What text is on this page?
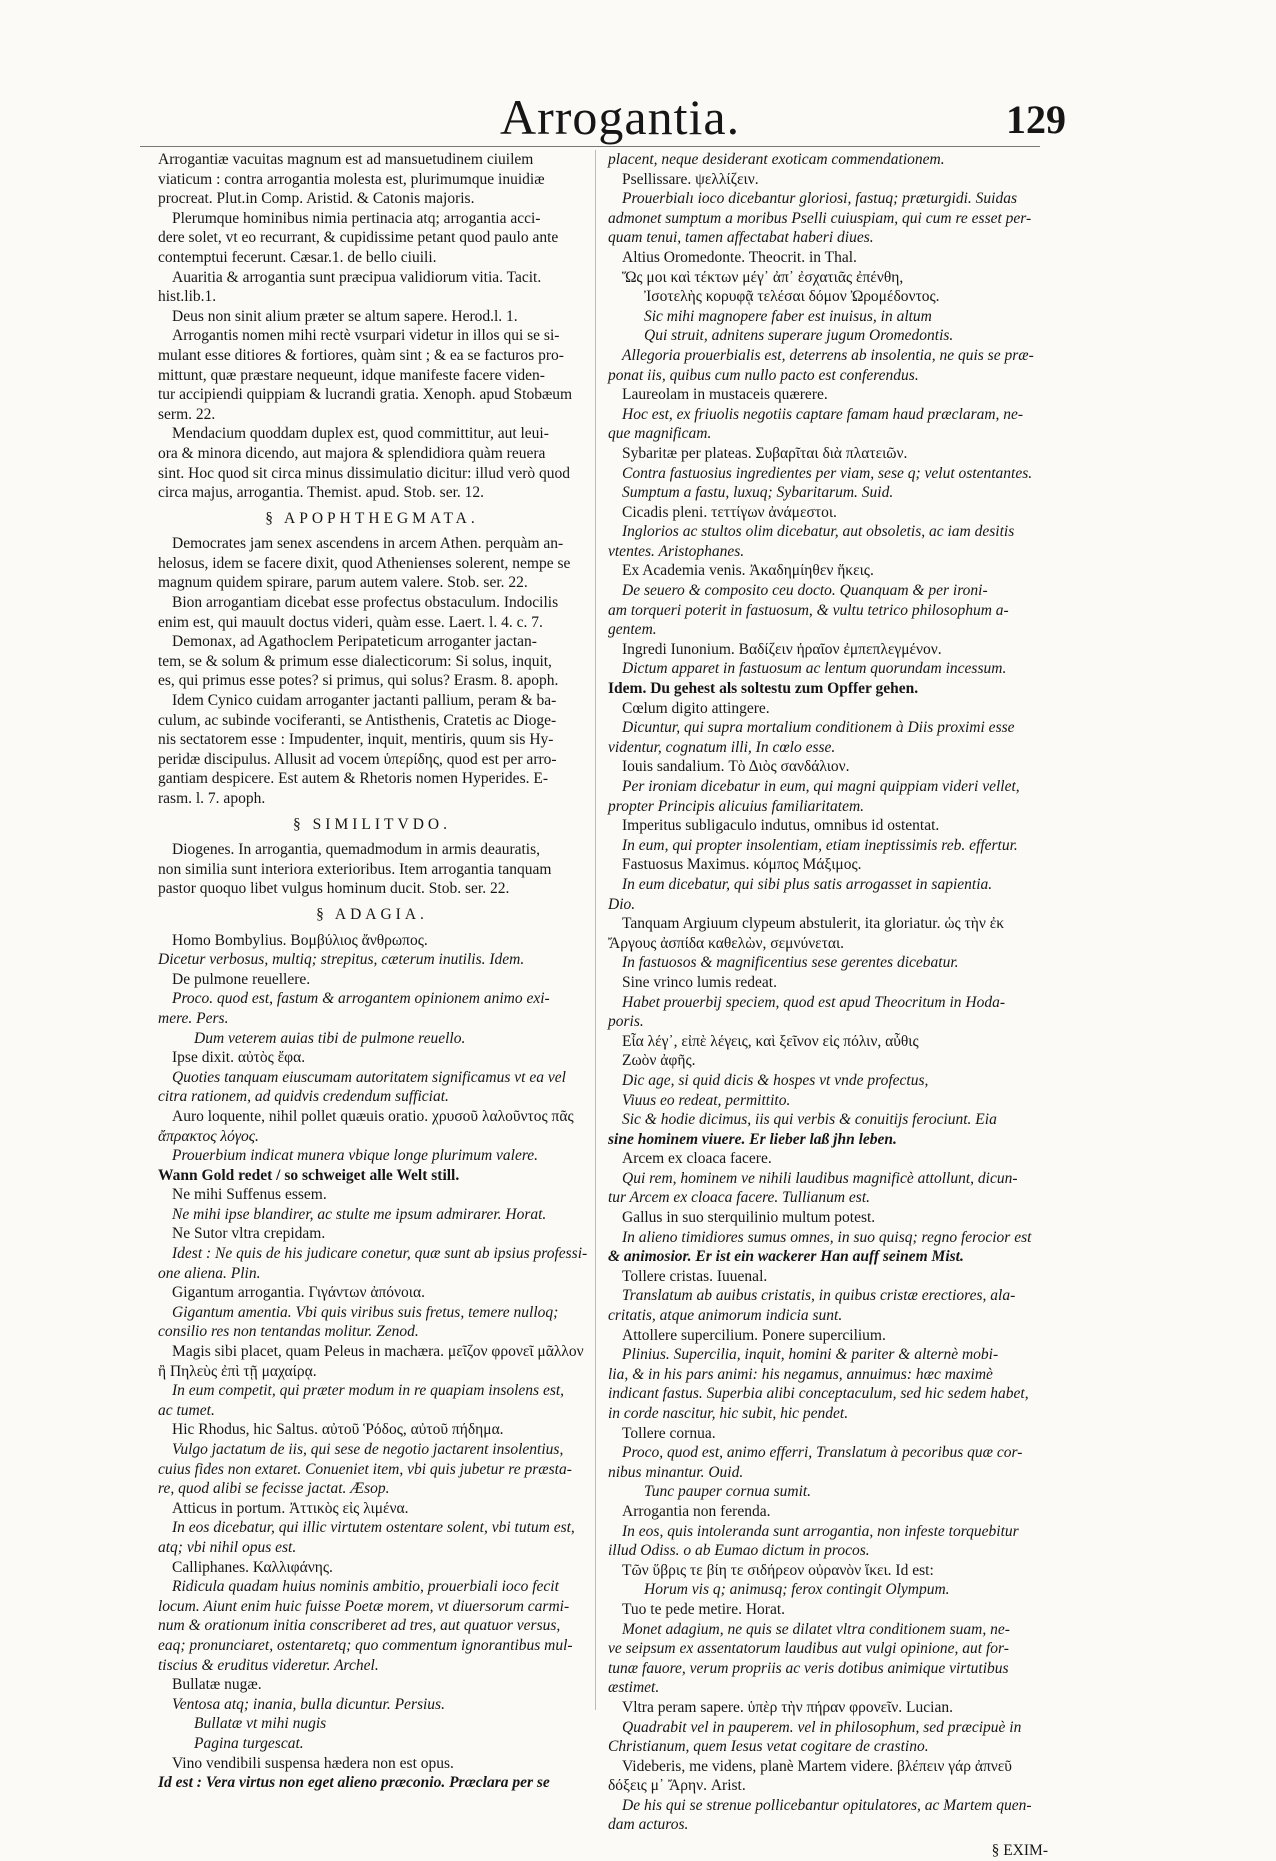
Arrogantia.	129
Arrogantiæ vacuitas magnum est ad mansuetudinem ciuilem
viaticum : contra arrogantia molesta est, plurimumque inuidiæ
procreat. Plut.in Comp. Aristid. & Catonis majoris.
Plerumque hominibus nimia pertinacia atq; arrogantia acci-
dere solet, vt eo recurrant, & cupidissime petant quod paulo ante
contemptui fecerunt. Cæsar.1. de bello ciuili.
Auaritia & arrogantia sunt præcipua validiorum vitia. Tacit.
hist.lib.1.
Deus non sinit alium præter se altum sapere. Herod.l. 1.
Arrogantis nomen mihi rectè vsurpari videtur in illos qui se si-
mulant esse ditiores & fortiores, quàm sint ; & ea se facturos pro-
mittunt, quæ præstare nequeunt, idque manifeste facere viden-
tur accipiendi quippiam & lucrandi gratia. Xenoph. apud Stobæum
serm. 22.
Mendacium quoddam duplex est, quod committitur, aut leui-
ora & minora dicendo, aut majora & splendidiora quàm reuera
sint. Hoc quod sit circa minus dissimulatio dicitur: illud verò quod
circa majus, arrogantia. Themist. apud. Stob. ser. 12.
§ APOPHTHEGMATA.
Democrates jam senex ascendens in arcem Athen. perquàm an-
helosus, idem se facere dixit, quod Athenienses solerent, nempe se
magnum quidem spirare, parum autem valere. Stob. ser. 22.
Bion arrogantiam dicebat esse profectus obstaculum. Indocilis
enim est, qui mauult doctus videri, quàm esse. Laert. l. 4. c. 7.
Demonax, ad Agathoclem Peripateticum arroganter jactan-
tem, se & solum & primum esse dialecticorum: Si solus, inquit,
es, qui primus esse potes? si primus, qui solus? Erasm. 8. apoph.
Idem Cynico cuidam arroganter jactanti pallium, peram & ba-
culum, ac subinde vociferanti, se Antisthenis, Cratetis ac Dioge-
nis sectatorem esse : Impudenter, inquit, mentiris, quum sis Hy-
peridæ discipulus. Allusit ad vocem ὑπερίδης, quod est per arro-
gantiam despicere. Est autem & Rhetoris nomen Hyperides. E-
rasm. l. 7. apoph.
§ SIMILITVDO.
Diogenes. In arrogantia, quemadmodum in armis deauratis,
non similia sunt interiora exterioribus. Item arrogantia tanquam
pastor quoquo libet vulgus hominum ducit. Stob. ser. 22.
§ ADAGIA.
Homo Bombylius. Βομβύλιος ἄνθρωπος.
Dicetur verbosus, multiq; strepitus, cæterum inutilis. Idem.
De pulmone reuellere.
Proco. quod est, fastum & arrogantem opinionem animo exi-
mere. Pers.
Dum veterem auias tibi de pulmone reuello.
Ipse dixit. αὐτὸς ἔφα.
Quoties tanquam eiuscumam autoritatem significamus vt ea vel
citra rationem, ad quidvis credendum sufficiat.
Auro loquente, nihil pollet quæuis oratio. χρυσοῦ λαλοῦντος πᾶς
ἄπρακτος λόγος.
Prouerbium indicat munera vbique longe plurimum valere.
Wann Gold redet / so schweiget alle Welt still.
Ne mihi Suffenus essem.
Ne mihi ipse blandirer, ac stulte me ipsum admirarer. Horat.
Ne Sutor vltra crepidam.
Idest : Ne quis de his judicare conetur, quæ sunt ab ipsius professi-
one aliena. Plin.
Gigantum arrogantia. Γιγάντων ἀπόνοια.
Gigantum amentia. Vbi quis viribus suis fretus, temere nulloq;
consilio res non tentandas molitur. Zenod.
Magis sibi placet, quam Peleus in machæra. μεῖζον φρονεῖ μᾶλλον
ἢ Πηλεὺς ἐπὶ τῇ μαχαίρᾳ.
In eum competit, qui præter modum in re quapiam insolens est,
ac tumet.
Hic Rhodus, hic Saltus. αὐτοῦ Ῥόδος, αὐτοῦ πήδημα.
Vulgo jactatum de iis, qui sese de negotio jactarent insolentius,
cuius fides non extaret. Conueniet item, vbi quis jubetur re præsta-
re, quod alibi se fecisse jactat. Æsop.
Atticus in portum. Ἀττικὸς εἰς λιμένα.
In eos dicebatur, qui illic virtutem ostentare solent, vbi tutum est,
atq; vbi nihil opus est.
Calliphanes. Καλλιφάνης.
Ridicula quadam huius nominis ambitio, prouerbiali ioco fecit
locum. Aiunt enim huic fuisse Poetæ morem, vt diuersorum carmi-
num & orationum initia conscriberet ad tres, aut quatuor versus,
eaq; pronunciaret, ostentaretq; quo commentum ignorantibus mul-
tiscius & eruditus videretur. Archel.
Bullatæ nugæ.
Ventosa atq; inania, bulla dicuntur. Persius.
Bullatæ vt mihi nugis
Pagina turgescat.
Vino vendibili suspensa hædera non est opus.
Id est : Vera virtus non eget alieno præconio. Præclara per se
placent, neque desiderant exoticam commendationem.
Psellissare. ψελλίζειν.
Prouerbialı ioco dicebantur gloriosi, fastuq; præturgidi. Suidas
admonet sumptum a moribus Pselli cuiuspiam, qui cum re esset per-
quam tenui, tamen affectabat haberi diues.
Altius Oromedonte. Theocrit. in Thal.
Ὥς μοι καὶ τέκτων μέγ᾽ ἀπ᾽ ἐσχατιᾶς ἐπένθη,
Ἰσοτελὴς κορυφᾷ τελέσαι δόμον Ὠρομέδοντος.
Sic mihi magnopere faber est inuisus, in altum
Qui struit, adnitens superare jugum Oromedontis.
Allegoria prouerbialis est, deterrens ab insolentia, ne quis se præ-
ponat iis, quibus cum nullo pacto est conferendus.
Laureolam in mustaceis quærere.
Hoc est, ex friuolis negotiis captare famam haud præclaram, ne-
que magnificam.
Sybaritæ per plateas. Συβαρῖται διὰ πλατειῶν.
Contra fastuosius ingredientes per viam, sese q; velut ostentantes.
Sumptum a fastu, luxuq; Sybaritarum. Suid.
Cicadis pleni. τεττίγων ἀνάμεστοι.
Inglorios ac stultos olim dicebatur, aut obsoletis, ac iam desitis
vtentes. Aristophanes.
Ex Academia venis. Ἀκαδημίηθεν ἥκεις.
De seuero & composito ceu docto. Quanquam & per ironi-
am torqueri poterit in fastuosum, & vultu tetrico philosophum a-
gentem.
Ingredi Iunonium. Βαδίζειν ἡραῖον ἐμπεπλεγμένον.
Dictum apparet in fastuosum ac lentum quorundam incessum.
Idem. Du gehest als soltestu zum Opffer gehen.
Cœlum digito attingere.
Dicuntur, qui supra mortalium conditionem à Diis proximi esse
videntur, cognatum illi, In cœlo esse.
Iouis sandalium. Τὸ Διὸς σανδάλιον.
Per ironiam dicebatur in eum, qui magni quippiam videri vellet,
propter Principis alicuius familiaritatem.
Imperitus subligaculo indutus, omnibus id ostentat.
In eum, qui propter insolentiam, etiam ineptissimis reb. effertur.
Fastuosus Maximus. κόμπος Μάξιμος.
In eum dicebatur, qui sibi plus satis arrogasset in sapientia.
Dio.
Tanquam Argiuum clypeum abstulerit, ita gloriatur. ὡς τὴν ἐκ
Ἄργους ἀσπίδα καθελὼν, σεμνύνεται.
In fastuosos & magnificentius sese gerentes dicebatur.
Sine vrinco lumis redeat.
Habet prouerbij speciem, quod est apud Theocritum in Hoda-
poris.
Εἶα λέγ᾽, εἰπὲ λέγεις, καὶ ξεῖνον εἰς πόλιν, αὖθις
Ζωὸν ἀφῆς.
Dic age, si quid dicis & hospes vt vnde profectus,
Viuus eo redeat, permittito.
Sic & hodie dicimus, iis qui verbis & conuitijs ferociunt. Eia
sine hominem viuere. Er lieber laß jhn leben.
Arcem ex cloaca facere.
Qui rem, hominem ve nihili laudibus magnificè attollunt, dicun-
tur Arcem ex cloaca facere. Tullianum est.
Gallus in suo sterquilinio multum potest.
In alieno timidiores sumus omnes, in suo quisq; regno ferocior est
& animosior. Er ist ein wackerer Han auff seinem Mist.
Tollere cristas. Iuuenal.
Translatum ab auibus cristatis, in quibus cristæ erectiores, ala-
critatis, atque animorum indicia sunt.
Attollere supercilium. Ponere supercilium.
Plinius. Supercilia, inquit, homini & pariter & alternè mobi-
lia, & in his pars animi: his negamus, annuimus: hæc maximè
indicant fastus. Superbia alibi conceptaculum, sed hic sedem habet,
in corde nascitur, hic subit, hic pendet.
Tollere cornua.
Proco, quod est, animo efferri, Translatum à pecoribus quæ cor-
nibus minantur. Ouid.
Tunc pauper cornua sumit.
Arrogantia non ferenda.
In eos, quis intoleranda sunt arrogantia, non infeste torquebitur
illud Odiss. o ab Eumao dictum in procos.
Τῶν ὕβρις τε βίη τε σιδήρεον οὐρανὸν ἵκει. Id est:
Horum vis q; animusq; ferox contingit Olympum.
Tuo te pede metire. Horat.
Monet adagium, ne quis se dilatet vltra conditionem suam, ne-
ve seipsum ex assentatorum laudibus aut vulgi opinione, aut for-
tunæ fauore, verum propriis ac veris dotibus animique virtutibus
æstimet.
Vltra peram sapere. ὑπὲρ τὴν πήραν φρονεῖν. Lucian.
Quadrabit vel in pauperem. vel in philosophum, sed præcipuè in
Christianum, quem Iesus vetat cogitare de crastino.
Videberis, me videns, planè Martem videre. βλέπειν γάρ ἀπνεῦ
δόξεις μ᾽ Ἄρην. Arist.
De his qui se strenue pollicebantur opitulatores, ac Martem quen-
dam acturos.
§ EXIM-
